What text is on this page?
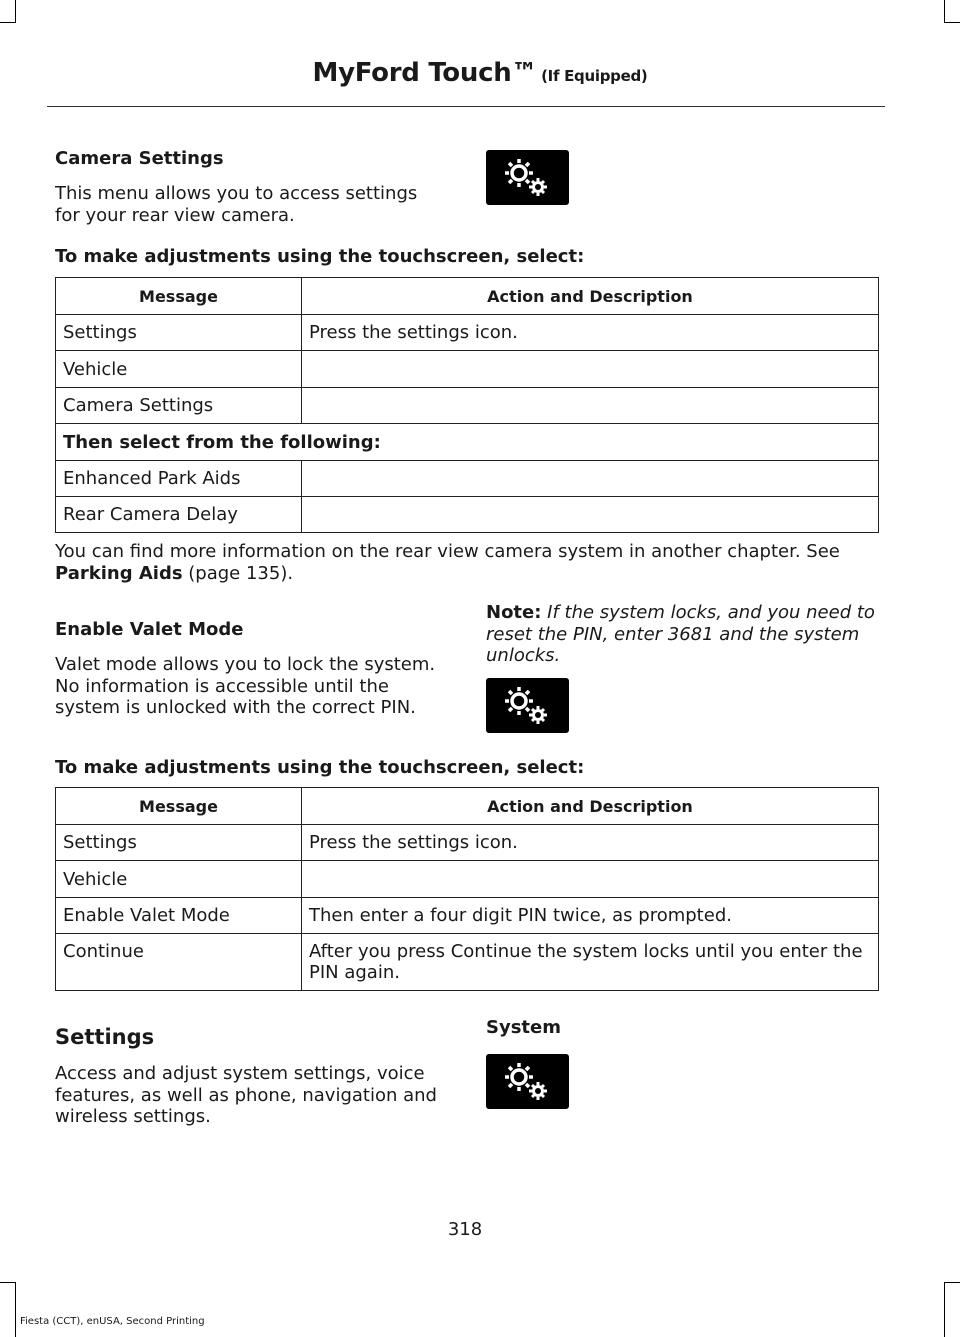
MyFord Touch™ (If Equipped)
Camera Settings
This menu allows you to access settings for your rear view camera.
To make adjustments using the touchscreen, select:
Message	Action and Description
Settings	Press the settings icon.
Vehicle	
Camera Settings	
Then select from the following:	
Enhanced Park Aids	
Rear Camera Delay	
You can find more information on the rear view camera system in another chapter. See Parking Aids (page 135).
Enable Valet Mode
Valet mode allows you to lock the system. No information is accessible until the system is unlocked with the correct PIN.
Note: If the system locks, and you need to reset the PIN, enter 3681 and the system unlocks.
To make adjustments using the touchscreen, select:
Message	Action and Description
Settings	Press the settings icon.
Vehicle	
Enable Valet Mode	Then enter a four digit PIN twice, as prompted.
Continue	After you press Continue the system locks until you enter the PIN again.
Settings
Access and adjust system settings, voice features, as well as phone, navigation and wireless settings.
System
318
Fiesta (CCT), enUSA, Second Printing
